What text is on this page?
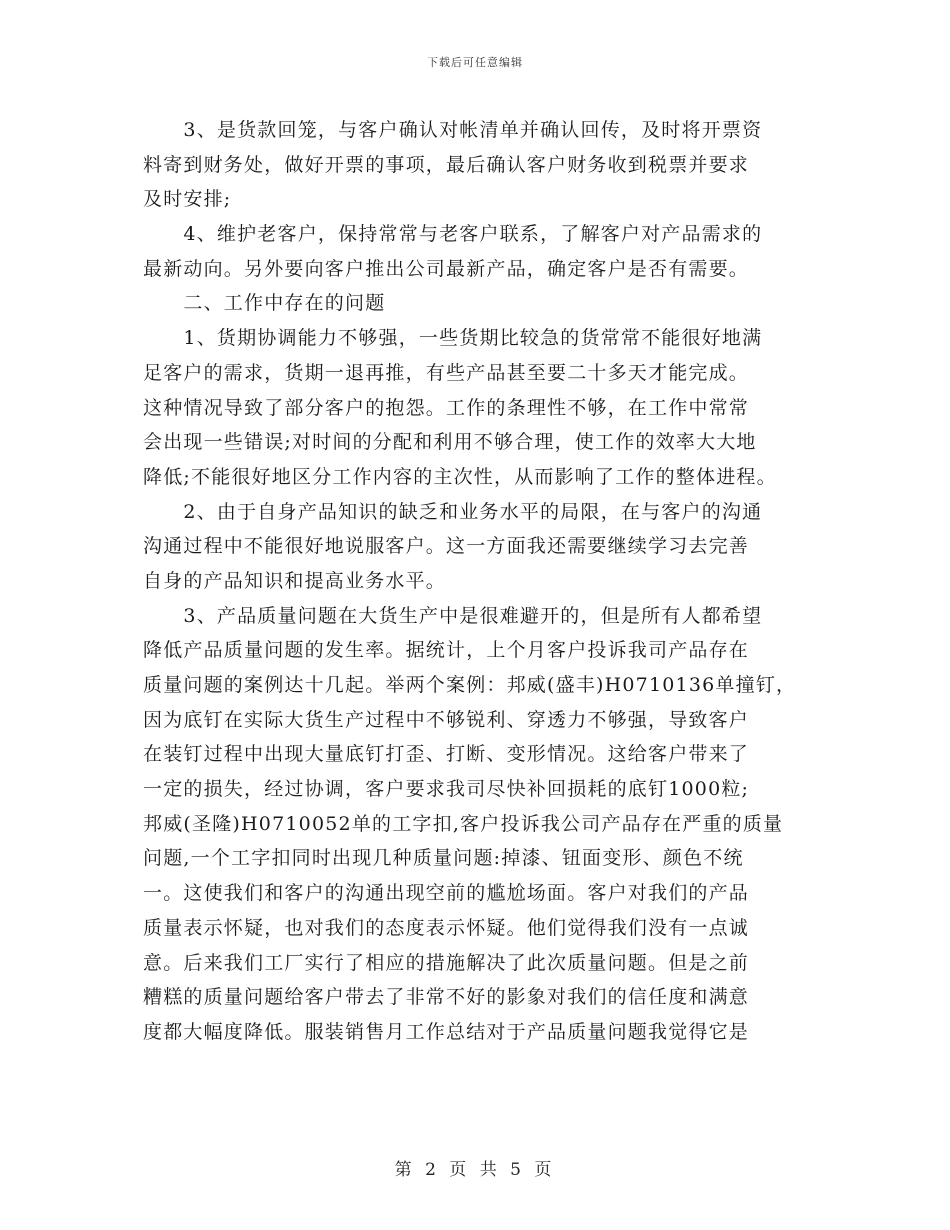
下载后可任意编辑
　　3、是货款回笼，与客户确认对帐清单并确认回传，及时将开票资
料寄到财务处，做好开票的事项，最后确认客户财务收到税票并要求
及时安排;
　　4、维护老客户，保持常常与老客户联系，了解客户对产品需求的
最新动向。另外要向客户推出公司最新产品，确定客户是否有需要。
　　二、工作中存在的问题
　　1、货期协调能力不够强，一些货期比较急的货常常不能很好地满
足客户的需求，货期一退再推，有些产品甚至要二十多天才能完成。
这种情况导致了部分客户的抱怨。工作的条理性不够，在工作中常常
会出现一些错误;对时间的分配和利用不够合理，使工作的效率大大地
降低;不能很好地区分工作内容的主次性，从而影响了工作的整体进程。
　　2、由于自身产品知识的缺乏和业务水平的局限，在与客户的沟通
沟通过程中不能很好地说服客户。这一方面我还需要继续学习去完善
自身的产品知识和提高业务水平。
　　3、产品质量问题在大货生产中是很难避开的，但是所有人都希望
降低产品质量问题的发生率。据统计，上个月客户投诉我司产品存在
质量问题的案例达十几起。举两个案例：邦威(盛丰)H0710136单撞钉，
因为底钉在实际大货生产过程中不够锐利、穿透力不够强，导致客户
在装钉过程中出现大量底钉打歪、打断、变形情况。这给客户带来了
一定的损失，经过协调，客户要求我司尽快补回损耗的底钉1000粒;
邦威(圣隆)H0710052单的工字扣,客户投诉我公司产品存在严重的质量
问题,一个工字扣同时出现几种质量问题:掉漆、钮面变形、颜色不统
一。这使我们和客户的沟通出现空前的尴尬场面。客户对我们的产品
质量表示怀疑，也对我们的态度表示怀疑。他们觉得我们没有一点诚
意。后来我们工厂实行了相应的措施解决了此次质量问题。但是之前
糟糕的质量问题给客户带去了非常不好的影象对我们的信任度和满意
度都大幅度降低。服装销售月工作总结对于产品质量问题我觉得它是
第 2 页 共 5 页
